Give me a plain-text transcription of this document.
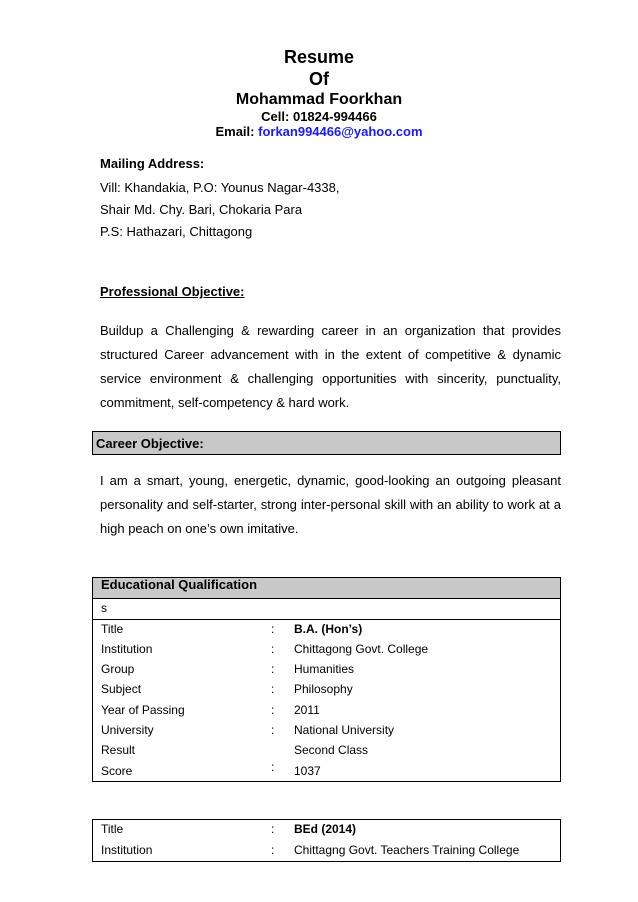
Resume
Of
Mohammad Foorkhan
Cell: 01824-994466
Email: forkan994466@yahoo.com
Mailing Address:
Vill: Khandakia, P.O: Younus Nagar-4338,
Shair Md. Chy. Bari, Chokaria Para
P.S: Hathazari, Chittagong
Professional Objective:
Buildup a Challenging & rewarding career in an organization that provides
structured Career advancement with in the extent of competitive & dynamic
service environment & challenging opportunities with sincerity, punctuality,
commitment, self-competency & hard work.
Career Objective:
I am a smart, young, energetic, dynamic, good-looking an outgoing pleasant
personality and self-starter, strong inter-personal skill with an ability to work at a
high peach on one’s own imitative.
Educational Qualification
s
Title	: B.A. (Hon’s)
Institution	: Chittagong Govt. College
Group	: Humanities
Subject	: Philosophy
Year of Passing	: 2011
University	: National University
Result	Second Class
Score	: 1037
Title	: BEd (2014)
Institution	: Chittagng Govt. Teachers Training College
